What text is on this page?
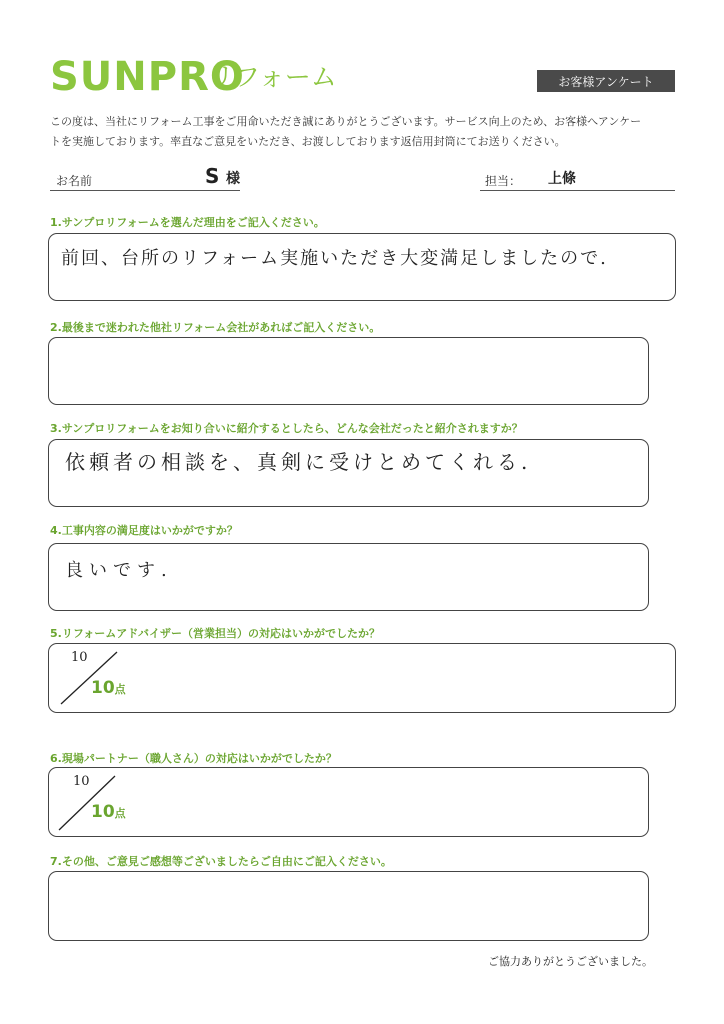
SUNPRO
リフォーム	お客様アンケート
この度は、当社にリフォーム工事をご用命いただき誠にありがとうございます。サービス向上のため、お客様へアンケー
トを実施しております。率直なご意見をいただき、お渡ししております返信用封筒にてお送りください。
お名前	S 様	担当： 上條
1.サンプロリフォームを選んだ理由をご記入ください。
前回、台所のリフォーム実施いただき大変満足しましたので.
2.最後まで迷われた他社リフォーム会社があればご記入ください。
3.サンプロリフォームをお知り合いに紹介するとしたら、どんな会社だったと紹介されますか？
依頼者の相談を、真剣に受けとめてくれる.
4.工事内容の満足度はいかがですか？
良いです.
5.リフォームアドバイザー（営業担当）の対応はいかがでしたか？
10
10点
6.現場パートナー（職人さん）の対応はいかがでしたか？
10
10点
7.その他、ご意見ご感想等ございましたらご自由にご記入ください。
ご協力ありがとうございました。
